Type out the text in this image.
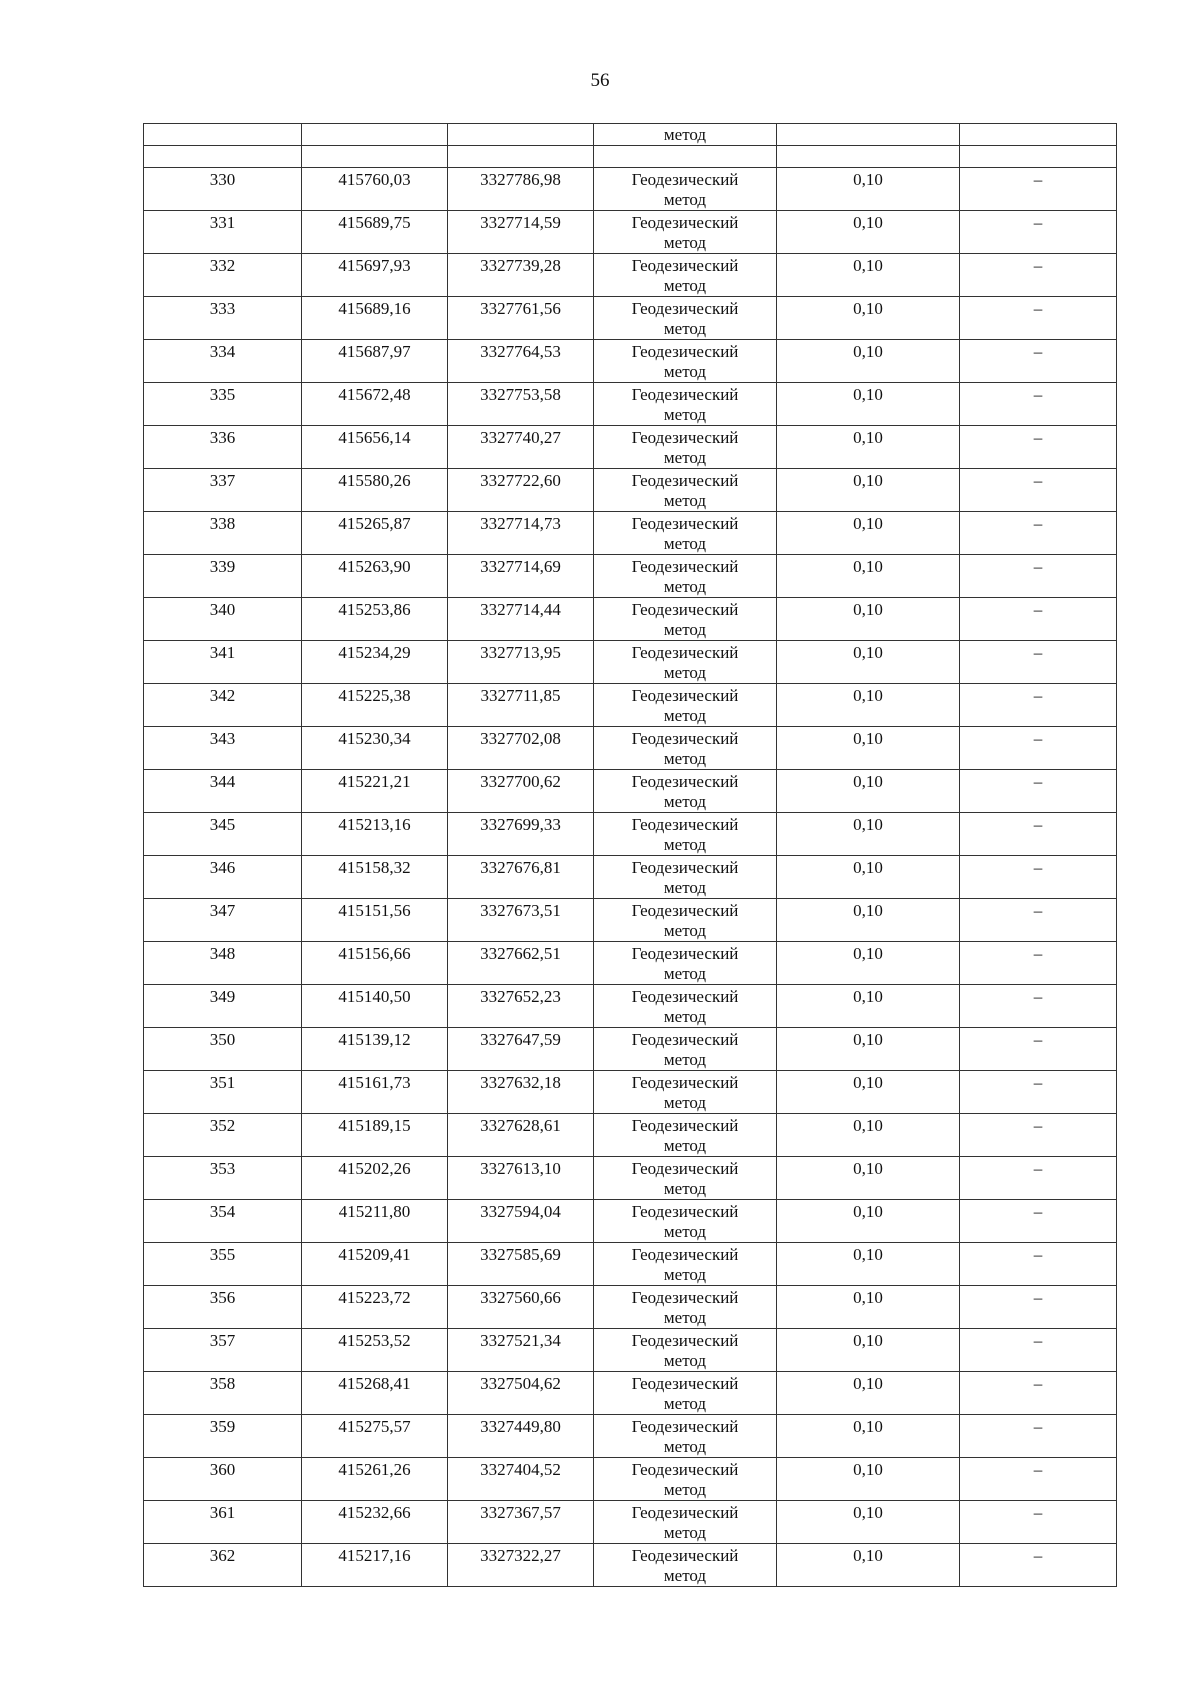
56

			метод		

330	415760,03	3327786,98	Геодезический
метод	0,10	–

331	415689,75	3327714,59	Геодезический
метод	0,10	–

332	415697,93	3327739,28	Геодезический
метод	0,10	–

333	415689,16	3327761,56	Геодезический
метод	0,10	–

334	415687,97	3327764,53	Геодезический
метод	0,10	–

335	415672,48	3327753,58	Геодезический
метод	0,10	–

336	415656,14	3327740,27	Геодезический
метод	0,10	–

337	415580,26	3327722,60	Геодезический
метод	0,10	–

338	415265,87	3327714,73	Геодезический
метод	0,10	–

339	415263,90	3327714,69	Геодезический
метод	0,10	–

340	415253,86	3327714,44	Геодезический
метод	0,10	–

341	415234,29	3327713,95	Геодезический
метод	0,10	–

342	415225,38	3327711,85	Геодезический
метод	0,10	–

343	415230,34	3327702,08	Геодезический
метод	0,10	–

344	415221,21	3327700,62	Геодезический
метод	0,10	–

345	415213,16	3327699,33	Геодезический
метод	0,10	–

346	415158,32	3327676,81	Геодезический
метод	0,10	–

347	415151,56	3327673,51	Геодезический
метод	0,10	–

348	415156,66	3327662,51	Геодезический
метод	0,10	–

349	415140,50	3327652,23	Геодезический
метод	0,10	–

350	415139,12	3327647,59	Геодезический
метод	0,10	–

351	415161,73	3327632,18	Геодезический
метод	0,10	–

352	415189,15	3327628,61	Геодезический
метод	0,10	–

353	415202,26	3327613,10	Геодезический
метод	0,10	–

354	415211,80	3327594,04	Геодезический
метод	0,10	–

355	415209,41	3327585,69	Геодезический
метод	0,10	–

356	415223,72	3327560,66	Геодезический
метод	0,10	–

357	415253,52	3327521,34	Геодезический
метод	0,10	–

358	415268,41	3327504,62	Геодезический
метод	0,10	–

359	415275,57	3327449,80	Геодезический
метод	0,10	–

360	415261,26	3327404,52	Геодезический
метод	0,10	–

361	415232,66	3327367,57	Геодезический
метод	0,10	–

362	415217,16	3327322,27	Геодезический
метод	0,10	–
